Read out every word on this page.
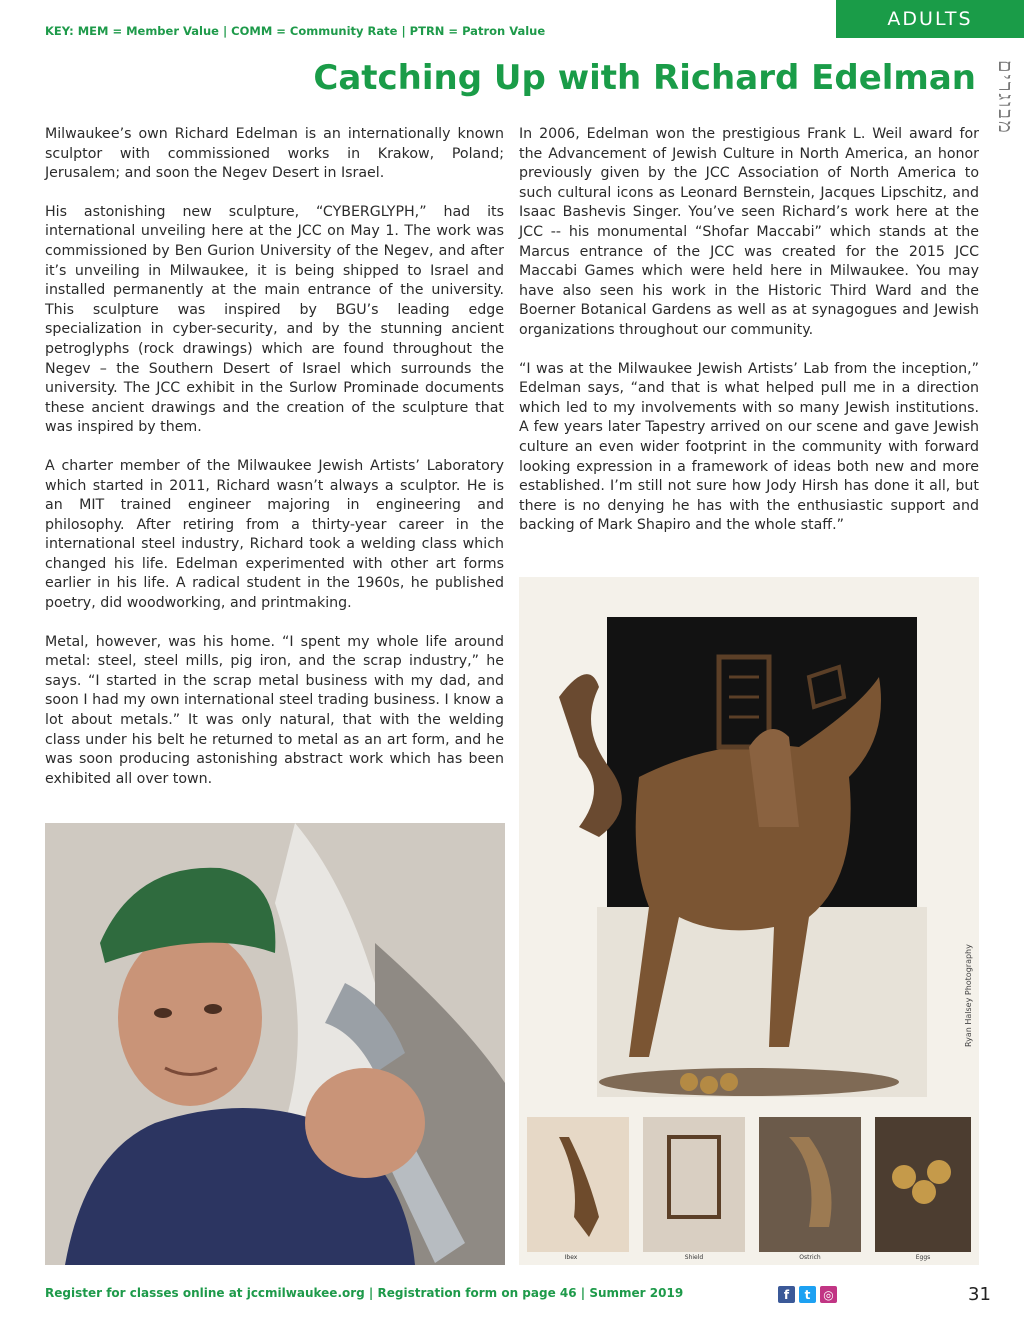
KEY: MEM = Member Value | COMM = Community Rate | PTRN = Patron Value
ADULTS
מבוגרים
Catching Up with Richard Edelman

Milwaukee’s own Richard Edelman is an internationally known sculptor with commissioned works in Krakow, Poland; Jerusalem; and soon the Negev Desert in Israel.

His astonishing new sculpture, “CYBERGLYPH,” had its international unveiling here at the JCC on May 1. The work was commissioned by Ben Gurion University of the Negev, and after it’s unveiling in Milwaukee, it is being shipped to Israel and installed permanently at the main entrance of the university. This sculpture was inspired by BGU’s leading edge specialization in cyber-security, and by the stunning ancient petroglyphs (rock drawings) which are found throughout the Negev – the Southern Desert of Israel which surrounds the university. The JCC exhibit in the Surlow Prominade documents these ancient drawings and the creation of the sculpture that was inspired by them.

A charter member of the Milwaukee Jewish Artists’ Laboratory which started in 2011, Richard wasn’t always a sculptor. He is an MIT trained engineer majoring in engineering and philosophy. After retiring from a thirty-year career in the international steel industry, Richard took a welding class which changed his life. Edelman experimented with other art forms earlier in his life. A radical student in the 1960s, he published poetry, did woodworking, and printmaking.

Metal, however, was his home. “I spent my whole life around metal: steel, steel mills, pig iron, and the scrap industry,” he says. “I started in the scrap metal business with my dad, and soon I had my own international steel trading business. I know a lot about metals.” It was only natural, that with the welding class under his belt he returned to metal as an art form, and he was soon producing astonishing abstract work which has been exhibited all over town.

In 2006, Edelman won the prestigious Frank L. Weil award for the Advancement of Jewish Culture in North America, an honor previously given by the JCC Association of North America to such cultural icons as Leonard Bernstein, Jacques Lipschitz, and Isaac Bashevis Singer. You’ve seen Richard’s work here at the JCC -- his monumental “Shofar Maccabi” which stands at the Marcus entrance of the JCC was created for the 2015 JCC Maccabi Games which were held here in Milwaukee. You may have also seen his work in the Historic Third Ward and the Boerner Botanical Gardens as well as at synagogues and Jewish organizations throughout our community.

“I was at the Milwaukee Jewish Artists’ Lab from the inception,” Edelman says, “and that is what helped pull me in a direction which led to my involvements with so many Jewish institutions. A few years later Tapestry arrived on our scene and gave Jewish culture an even wider footprint in the community with forward looking expression in a framework of ideas both new and more established. I’m still not sure how Jody Hirsh has done it all, but there is no denying he has with the enthusiastic support and backing of Mark Shapiro and the whole staff.”

Ryan Halsey Photography
Ibex	Shield	Ostrich	Eggs
Register for classes online at jccmilwaukee.org | Registration form on page 46 | Summer 2019	f	t	◎	31
